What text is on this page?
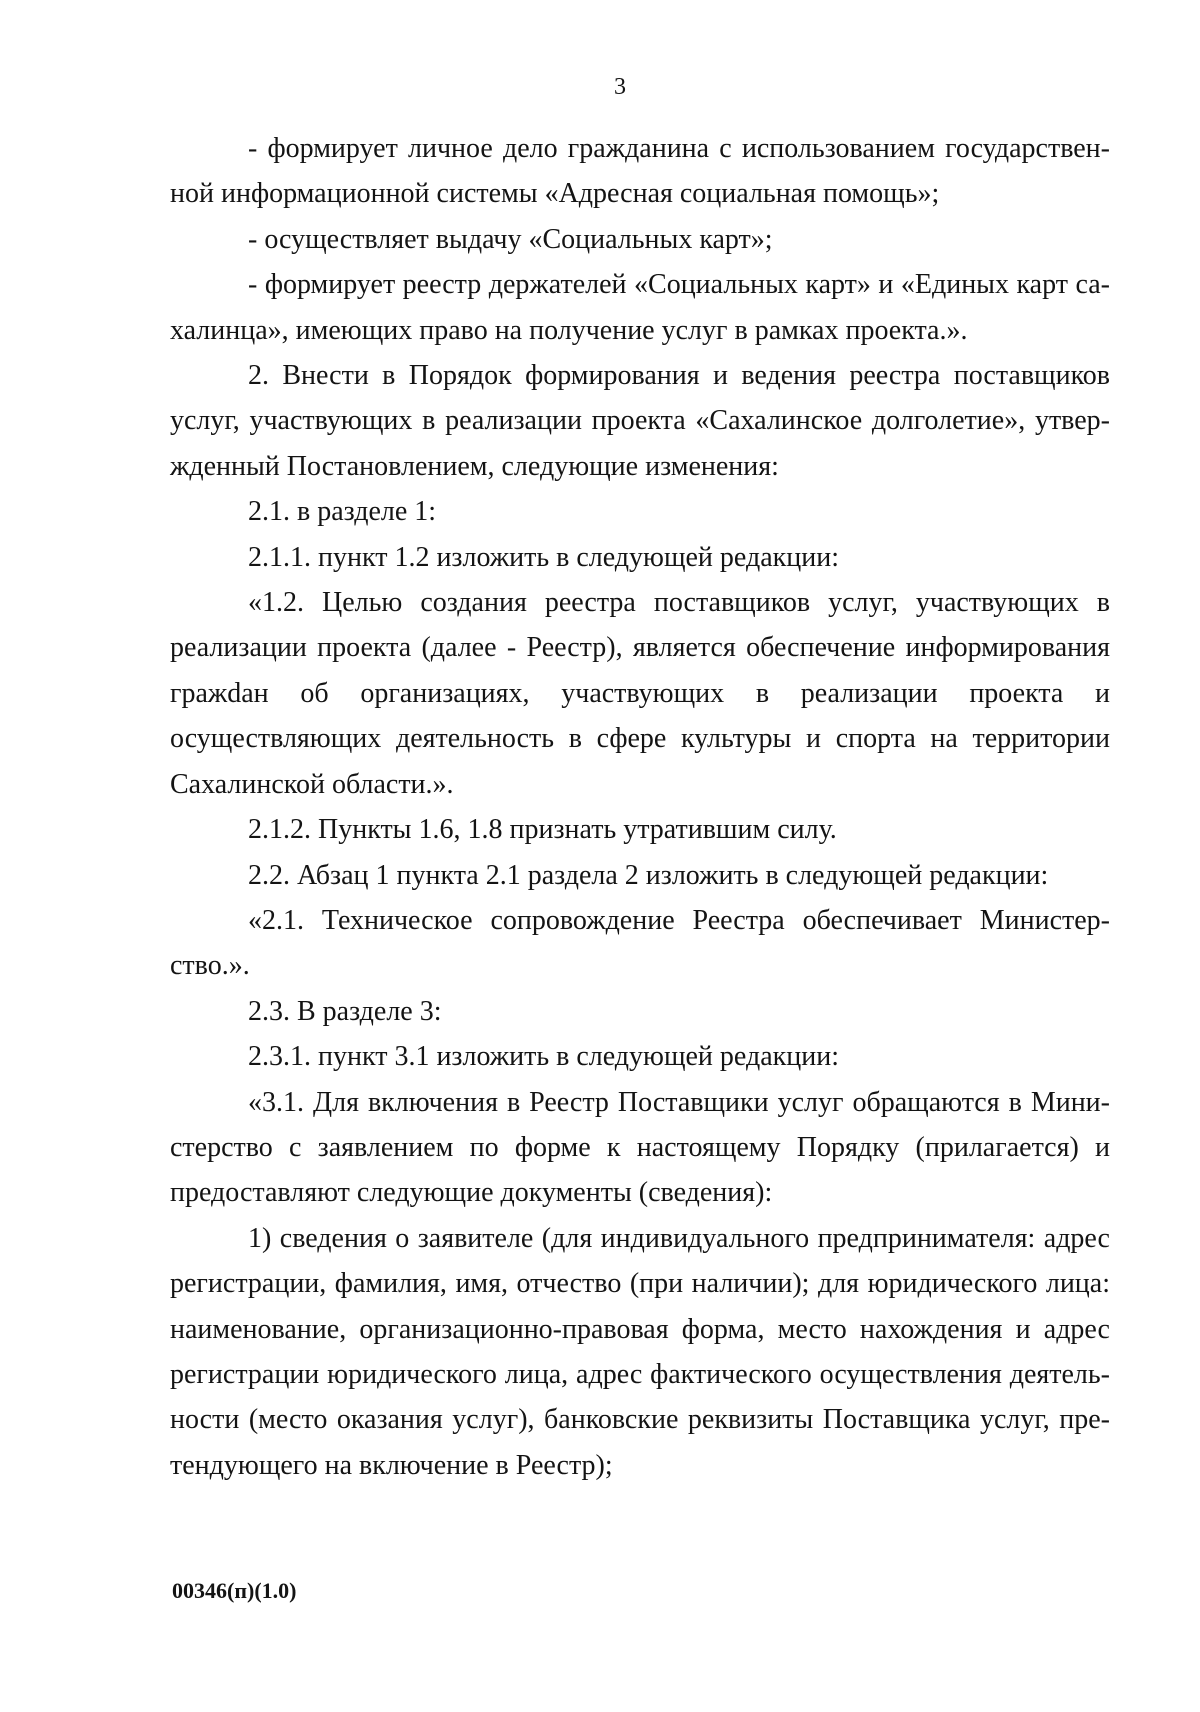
3

- формирует личное дело гражданина с использованием государственной информационной системы «Адресная социальная помощь»;

- осуществляет выдачу «Социальных карт»;

- формирует реестр держателей «Социальных карт» и «Единых карт сахалинца», имеющих право на получение услуг в рамках проекта.».

2. Внести в Порядок формирования и ведения реестра поставщиков услуг, участвующих в реализации проекта «Сахалинское долголетие», утвержденный Постановлением, следующие изменения:

2.1. в разделе 1:

2.1.1. пункт 1.2 изложить в следующей редакции:

«1.2. Целью создания реестра поставщиков услуг, участвующих в реализации проекта (далее - Реестр), является обеспечение информирования гражdан об организациях, участвующих в реализации проекта и осуществляющих деятельность в сфере культуры и спорта на территории Сахалинской области.».

2.1.2. Пункты 1.6, 1.8 признать утратившим силу.

2.2. Абзац 1 пункта 2.1 раздела 2 изложить в следующей редакции:

«2.1. Техническое сопровождение Реестра обеспечивает Министерство.».

2.3. В разделе 3:

2.3.1. пункт 3.1 изложить в следующей редакции:

«3.1. Для включения в Реестр Поставщики услуг обращаются в Министерство с заявлением по форме к настоящему Порядку (прилагается) и предоставляют следующие документы (сведения):

1) сведения о заявителе (для индивидуального предпринимателя: адрес регистрации, фамилия, имя, отчество (при наличии); для юридического лица: наименование, организационно-правовая форма, место нахождения и адрес регистрации юридического лица, адрес фактического осуществления деятельности (место оказания услуг), банковские реквизиты Поставщика услуг, претендующего на включение в Реестр);

00346(п)(1.0)
